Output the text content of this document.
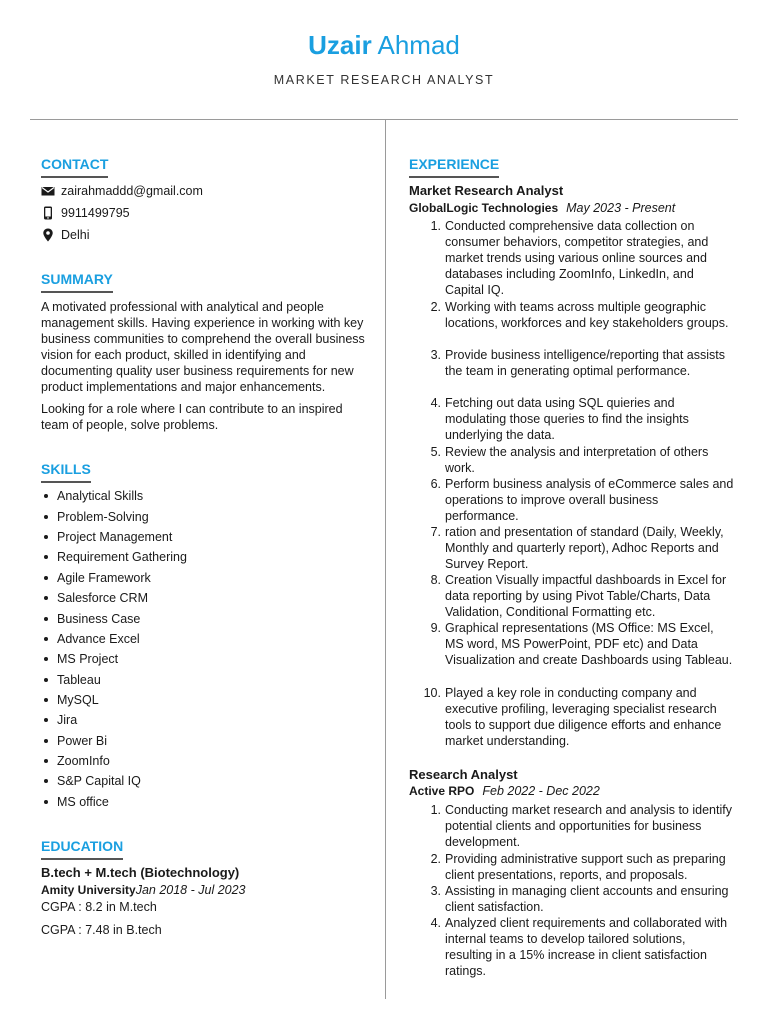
Uzair Ahmad
MARKET RESEARCH ANALYST
CONTACT
zairahmaddd@gmail.com
9911499795
Delhi
SUMMARY
A motivated professional with analytical and people management skills. Having experience in working with key business communities to comprehend the overall business vision for each product, skilled in identifying and documenting quality user business requirements for new product implementations and major enhancements.
Looking for a role where I can contribute to an inspired team of people, solve problems.
SKILLS
Analytical Skills
Problem-Solving
Project Management
Requirement Gathering
Agile Framework
Salesforce CRM
Business Case
Advance Excel
MS Project
Tableau
MySQL
Jira
Power Bi
ZoomInfo
S&P Capital IQ
MS office
EDUCATION
B.tech + M.tech (Biotechnology)
Amity UniversityJan 2018 - Jul 2023
CGPA : 8.2 in M.tech
CGPA : 7.48 in B.tech
EXPERIENCE
Market Research Analyst
GlobalLogic Technologies May 2023 - Present
1. Conducted comprehensive data collection on consumer behaviors, competitor strategies, and market trends using various online sources and databases including ZoomInfo, LinkedIn, and Capital IQ.
2. Working with teams across multiple geographic locations, workforces and key stakeholders groups.
3. Provide business intelligence/reporting that assists the team in generating optimal performance.
4. Fetching out data using SQL quieries and modulating those queries to find the insights underlying the data.
5. Review the analysis and interpretation of others work.
6. Perform business analysis of eCommerce sales and operations to improve overall business performance.
7. ration and presentation of standard (Daily, Weekly, Monthly and quarterly report), Adhoc Reports and Survey Report.
8. Creation Visually impactful dashboards in Excel for data reporting by using Pivot Table/Charts, Data Validation, Conditional Formatting etc.
9. Graphical representations (MS Office: MS Excel, MS word, MS PowerPoint, PDF etc) and Data Visualization and create Dashboards using Tableau.
10. Played a key role in conducting company and executive profiling, leveraging specialist research tools to support due diligence efforts and enhance market understanding.
Research Analyst
Active RPO Feb 2022 - Dec 2022
1. Conducting market research and analysis to identify potential clients and opportunities for business development.
2. Providing administrative support such as preparing client presentations, reports, and proposals.
3. Assisting in managing client accounts and ensuring client satisfaction.
4. Analyzed client requirements and collaborated with internal teams to develop tailored solutions, resulting in a 15% increase in client satisfaction ratings.
